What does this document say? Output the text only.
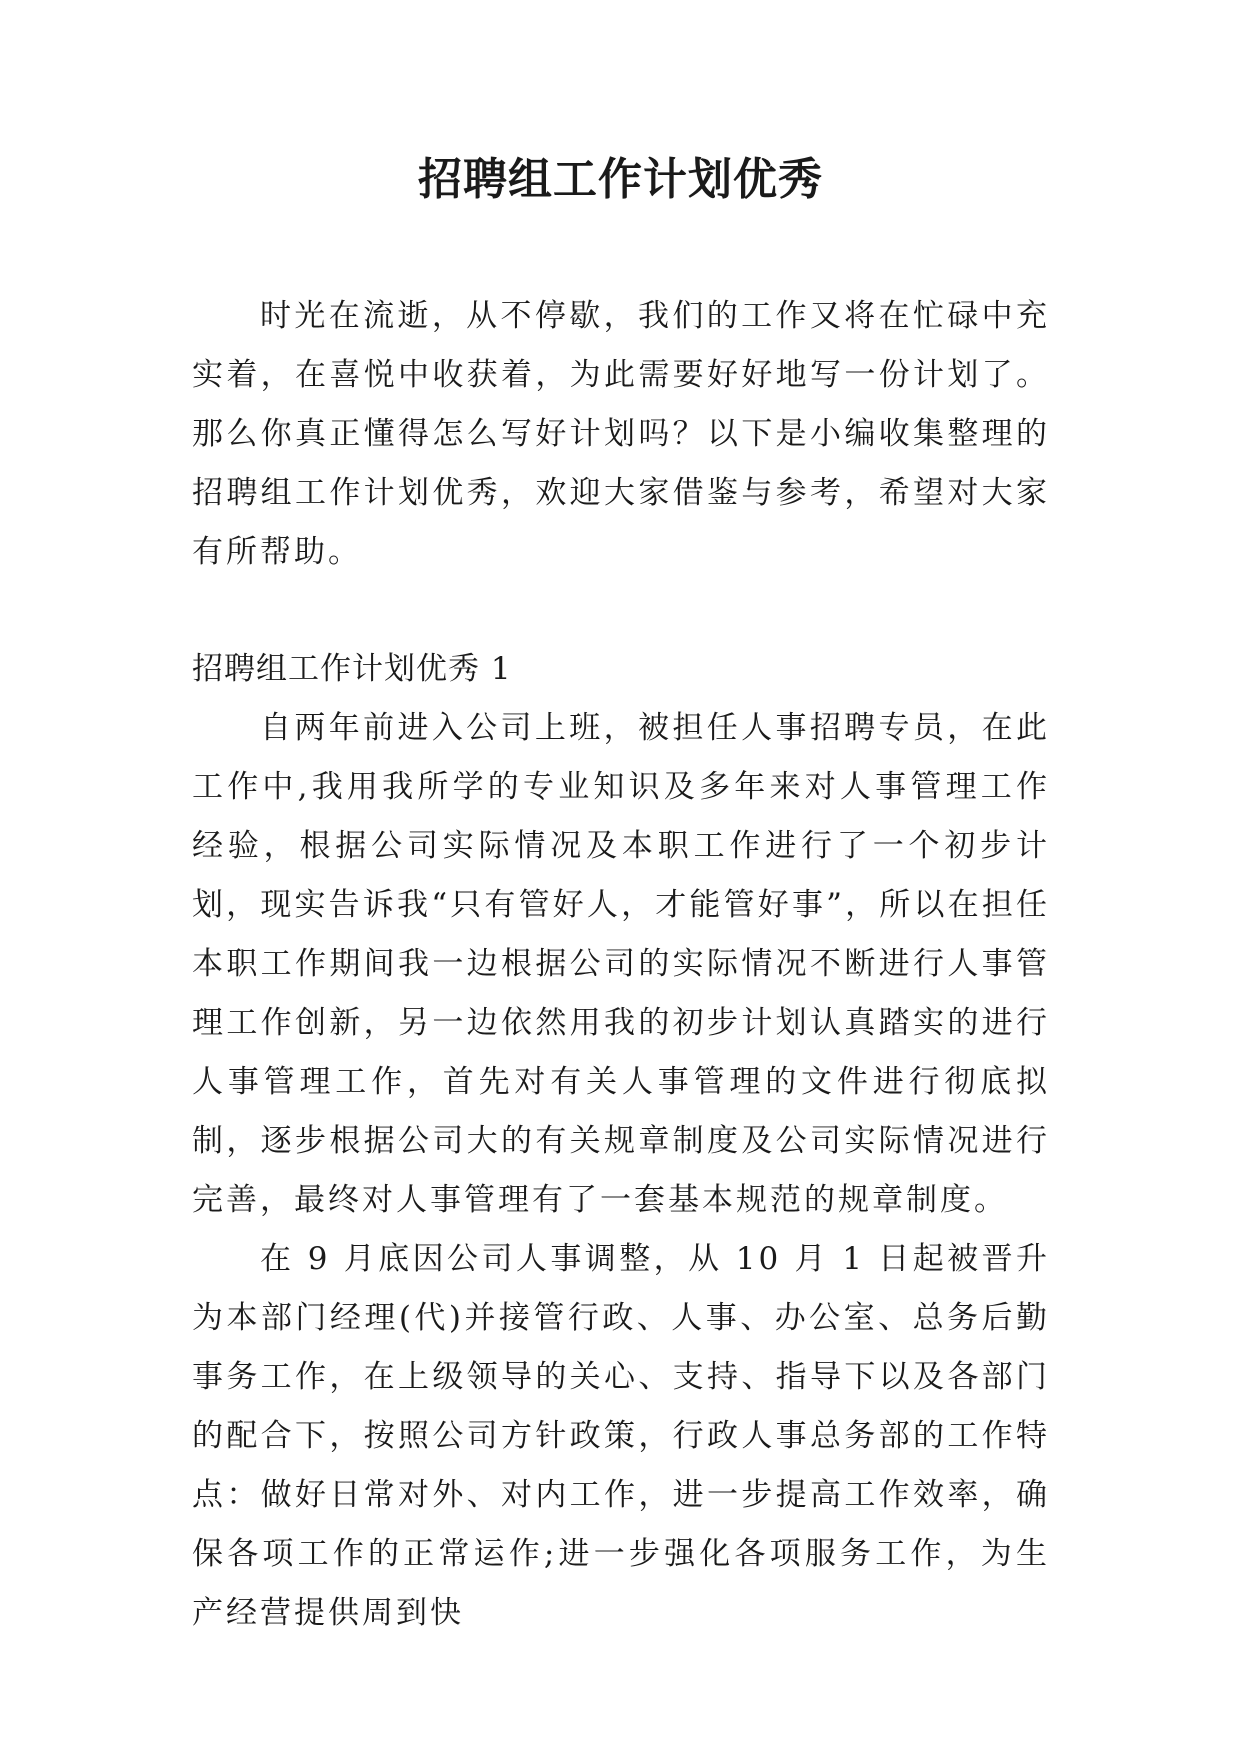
招聘组工作计划优秀

时光在流逝，从不停歇，我们的工作又将在忙碌中充实着，在喜悦中收获着，为此需要好好地写一份计划了。那么你真正懂得怎么写好计划吗？以下是小编收集整理的招聘组工作计划优秀，欢迎大家借鉴与参考，希望对大家有所帮助。

招聘组工作计划优秀 1

自两年前进入公司上班，被担任人事招聘专员，在此工作中,我用我所学的专业知识及多年来对人事管理工作经验，根据公司实际情况及本职工作进行了一个初步计划，现实告诉我“只有管好人，才能管好事”，所以在担任本职工作期间我一边根据公司的实际情况不断进行人事管理工作创新，另一边依然用我的初步计划认真踏实的进行人事管理工作，首先对有关人事管理的文件进行彻底拟制，逐步根据公司大的有关规章制度及公司实际情况进行完善，最终对人事管理有了一套基本规范的规章制度。

在 9 月底因公司人事调整，从 10 月 1 日起被晋升为本部门经理(代)并接管行政、人事、办公室、总务后勤事务工作，在上级领导的关心、支持、指导下以及各部门的配合下，按照公司方针政策，行政人事总务部的工作特点：做好日常对外、对内工作，进一步提高工作效率，确保各项工作的正常运作;进一步强化各项服务工作，为生产经营提供周到快
